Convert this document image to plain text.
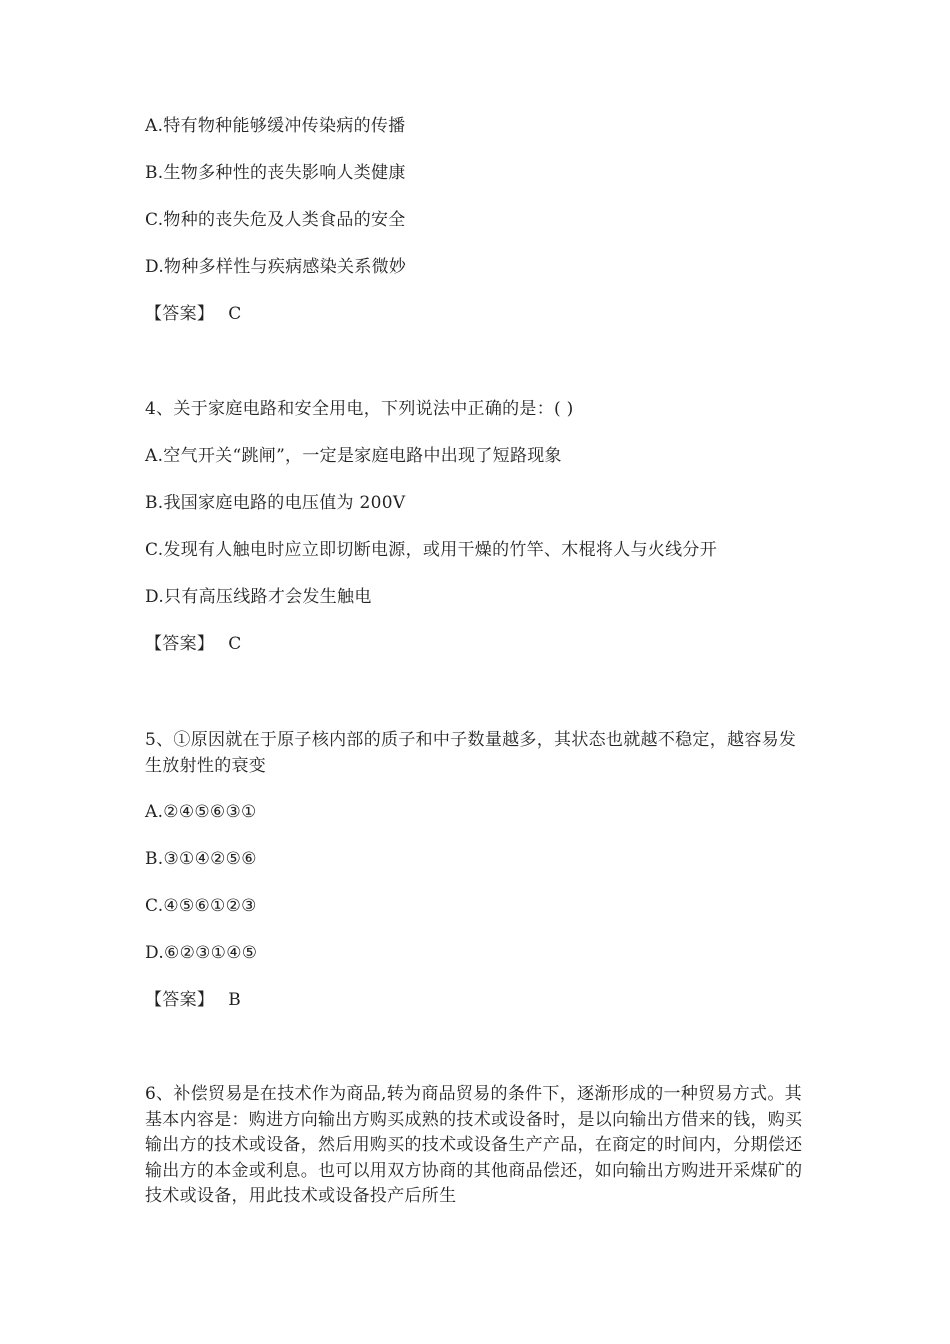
A.特有物种能够缓冲传染病的传播
B.生物多种性的丧失影响人类健康
C.物种的丧失危及人类食品的安全
D.物种多样性与疾病感染关系微妙
【答案】 C
4、关于家庭电路和安全用电，下列说法中正确的是：( )
A.空气开关“跳闸”，一定是家庭电路中出现了短路现象
B.我国家庭电路的电压值为 200V
C.发现有人触电时应立即切断电源，或用干燥的竹竿、木棍将人与火线分开
D.只有高压线路才会发生触电
【答案】 C
5、①原因就在于原子核内部的质子和中子数量越多，其状态也就越不稳定，越容易发生放射性的衰变
A.②④⑤⑥③①
B.③①④②⑤⑥
C.④⑤⑥①②③
D.⑥②③①④⑤
【答案】 B
6、补偿贸易是在技术作为商品,转为商品贸易的条件下，逐渐形成的一种贸易方式。其基本内容是：购进方向输出方购买成熟的技术或设备时，是以向输出方借来的钱，购买输出方的技术或设备，然后用购买的技术或设备生产产品，在商定的时间内，分期偿还输出方的本金或利息。也可以用双方协商的其他商品偿还，如向输出方购进开采煤矿的技术或设备，用此技术或设备投产后所生
